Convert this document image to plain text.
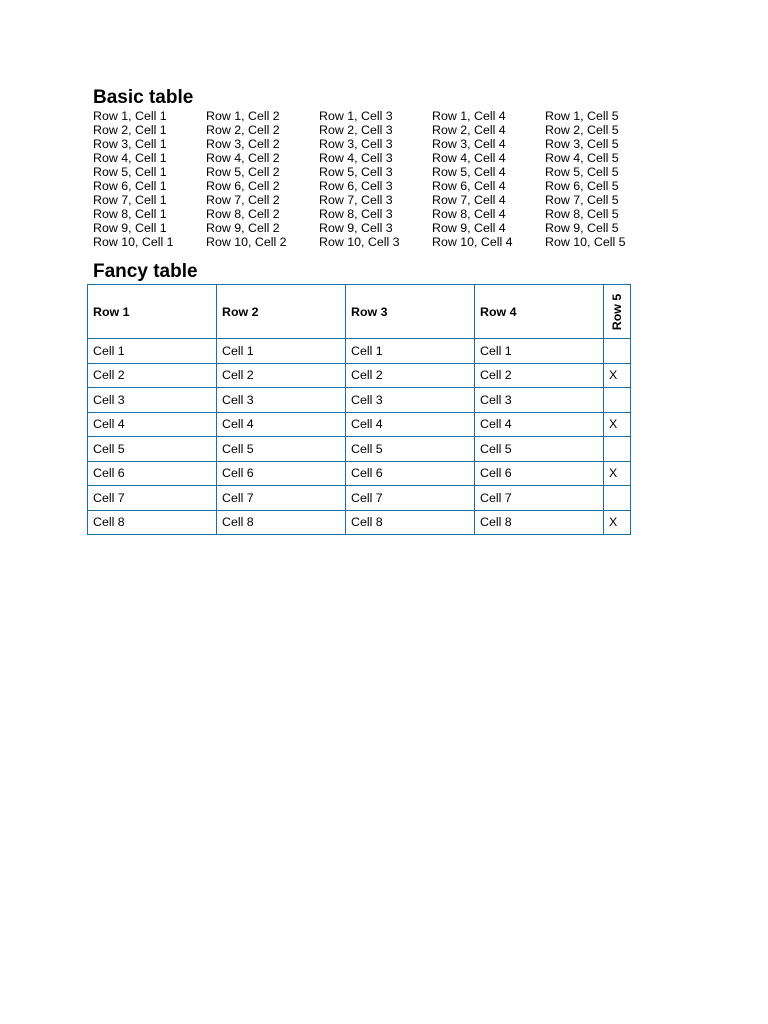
Basic table
Row 1, Cell 1	Row 1, Cell 2	Row 1, Cell 3	Row 1, Cell 4	Row 1, Cell 5
Row 2, Cell 1	Row 2, Cell 2	Row 2, Cell 3	Row 2, Cell 4	Row 2, Cell 5
Row 3, Cell 1	Row 3, Cell 2	Row 3, Cell 3	Row 3, Cell 4	Row 3, Cell 5
Row 4, Cell 1	Row 4, Cell 2	Row 4, Cell 3	Row 4, Cell 4	Row 4, Cell 5
Row 5, Cell 1	Row 5, Cell 2	Row 5, Cell 3	Row 5, Cell 4	Row 5, Cell 5
Row 6, Cell 1	Row 6, Cell 2	Row 6, Cell 3	Row 6, Cell 4	Row 6, Cell 5
Row 7, Cell 1	Row 7, Cell 2	Row 7, Cell 3	Row 7, Cell 4	Row 7, Cell 5
Row 8, Cell 1	Row 8, Cell 2	Row 8, Cell 3	Row 8, Cell 4	Row 8, Cell 5
Row 9, Cell 1	Row 9, Cell 2	Row 9, Cell 3	Row 9, Cell 4	Row 9, Cell 5
Row 10, Cell 1	Row 10, Cell 2	Row 10, Cell 3	Row 10, Cell 4	Row 10, Cell 5
Fancy table
Row 1	Row 2	Row 3	Row 4	Row 5

Cell 1	Cell 1	Cell 1	Cell 1	
Cell 2	Cell 2	Cell 2	Cell 2	X
Cell 3	Cell 3	Cell 3	Cell 3	
Cell 4	Cell 4	Cell 4	Cell 4	X
Cell 5	Cell 5	Cell 5	Cell 5	
Cell 6	Cell 6	Cell 6	Cell 6	X
Cell 7	Cell 7	Cell 7	Cell 7	
Cell 8	Cell 8	Cell 8	Cell 8	X
